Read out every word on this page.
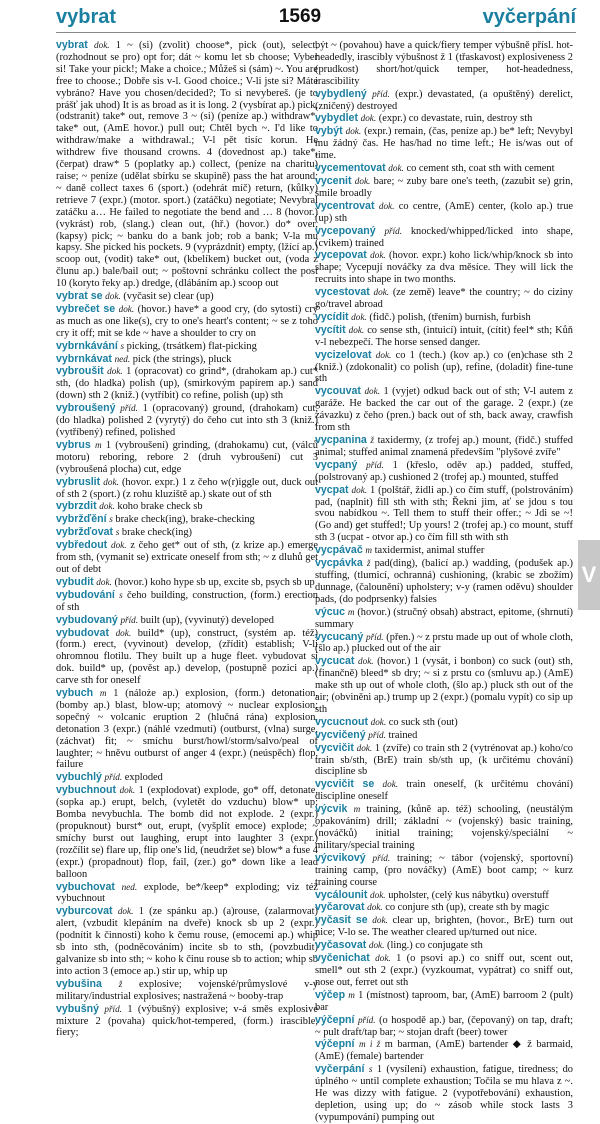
vybrat	1569	vyčerpání
vybrat dok. 1 ~ (si) (zvolit) choose*, pick (out), select, (rozhodnout se pro) opt for; dát ~ komu let sb choose; Vyber si! Take your pick!; Make a choice.; Můžeš si (sám) ~. You are free to choose.; Dobře sis v-l. Good choice.; V-li jste si? Máte vybráno? Have you chosen/decided?; To si nevybereš. (je to prášť jak uhod) It is as broad as it is long. 2 (vysbírat ap.) pick, (odstranit) take* out, remove 3 ~ (si) (peníze ap.) withdraw*, take* out, (AmE hovor.) pull out; Chtěl bych ~. I'd like to withdraw/make a withdrawal.; V-l pět tisíc korun. He withdrew five thousand crowns. 4 (dovednost ap.) take*, (čerpat) draw* 5 (poplatky ap.) collect, (peníze na charitu) raise; ~ peníze (udělat sbírku se skupině) pass the hat around; ~ daně collect taxes 6 (sport.) (odehrát míč) return, (kůlky) retrieve 7 (expr.) (motor. sport.) (zatáčku) negotiate; Nevybral zatáčku a… He failed to negotiate the bend and … 8 (hovor.) (vykrást) rob, (slang.) clean out, (hř.) (hovor.) do* over, (kapsy) pick; ~ banku do a bank job; rob a bank; V-la mu kapsy. She picked his pockets. 9 (vyprázdnit) empty, (lžící ap.) scoop out, (vodit) take* out, (kbelíkem) bucket out, (voda z člunu ap.) bale/bail out; ~ poštovní schránku collect the post 10 (koryto řeky ap.) dredge, (dlábáním ap.) scoop out
vybrat se dok. (vyčasit se) clear (up)
vybrečet se dok. (hovor.) have* a good cry, (do sytosti) cry as much as one like(s), cry to one's heart's content; ~ se z toho cry it off; mít se kde ~ have a shoulder to cry on
vybrnkávání s picking, (trsátkem) flat-picking
vybrnkávat ned. pick (the strings), pluck
vybroušit dok. 1 (opracovat) co grind*, (drahokam ap.) cut* sth, (do hladka) polish (up), (smirkovým papírem ap.) sand (down) sth 2 (kniž.) (vytříbit) co refine, polish (up) sth
vybroušený příd. 1 (opracovaný) ground, (drahokam) cut, (do hladka) polished 2 (vyrytý) do čeho cut into sth 3 (kniž.) (vytříbený) refined, polished
vybrus m 1 (vybroušení) grinding, (drahokamu) cut, (válců motoru) reboring, rebore 2 (druh vybroušení) cut 3 (vybroušená plocha) cut, edge
vybruslit dok. (hovor. expr.) 1 z čeho w(r)iggle out, duck out of sth 2 (sport.) (z rohu kluziště ap.) skate out of sth
vybrzdit dok. koho brake check sb
vybržďění s brake check(ing), brake-checking
vybržďovat s brake check(ing)
vybředout dok. z čeho get* out of sth, (z krize ap.) emerge from sth, (vymanit se) extricate oneself from sth; ~ z dluhů get out of debt
vybudit dok. (hovor.) koho hype sb up, excite sb, psych sb up
vybudování s čeho building, construction, (form.) erection of sth
vybudovaný příd. built (up), (vyvinutý) developed
vybudovat dok. build* (up), construct, (systém ap. též) (form.) erect, (vyvinout) develop, (zřídit) establish; V-li ohromnou flotilu. They built up a huge fleet. vybudovat si dok. build* up, (pověst ap.) develop, (postupně pozici ap.) carve sth for oneself
vybuch m 1 (náloże ap.) explosion, (form.) detonation, (bomby ap.) blast, blow-up; atomový ~ nuclear explosion; sopečný ~ volcanic eruption 2 (hlučná rána) explosion, detonation 3 (expr.) (náhlé vzedmutí) (outburst, (vlna) surge, (záchvat) fit; ~ smíchu burst/howl/storm/salvo/peal of laughter; ~ hněvu outburst of anger 4 (expr.) (neúspěch) flop, failure
vybuchlý příd. exploded
vybuchnout dok. 1 (explodovat) explode, go* off, detonate, (sopka ap.) erupt, belch, (vyletět do vzduchu) blow* up; Bomba nevybuchla. The bomb did not explode. 2 (expr.) (propuknout) burst* out, erupt, (vyšplít emoce) explode; ~ smíchy burst out laughing, erupt into laughter 3 (expr.) (rozčílit se) flare up, flip one's lid, (neudržet se) blow* a fuse 4 (expr.) (propadnout) flop, fail, (zer.) go* down like a lead balloon
vybuchovat ned. explode, be*/keep* exploding; viz též vybuchnout
vyburcovat dok. 1 (ze spánku ap.) (a)rouse, (zalarmovat) alert, (vzbudit klepáním na dveře) knock sb up 2 (expr.) (podnítit k činnosti) koho k čemu rouse, (emocemi ap.) whip sb into sth, (podněcováním) incite sb to sth, (povzbudit) galvanize sb into sth; ~ koho k činu rouse sb to action; whip sb into action 3 (emoce ap.) stir up, whip up
vybušina ž explosive; vojenské/průmyslové v-y military/industrial explosives; nastražená ~ booby-trap
vybušný příd. 1 (výbušný) explosive; v-á směs explosive mixture 2 (povaha) quick/hot-tempered, (form.) irascible, fiery;
být ~ (povahou) have a quick/fiery temper výbušně přísl. hot-headedly, irascibly výbušnost ž 1 (třaskavost) explosiveness 2 (prudkost) short/hot/quick temper, hot-headedness, irascibility
vybydlený příd. (expr.) devastated, (a opuštěný) derelict, (zničený) destroyed
vybydlet dok. (expr.) co devastate, ruin, destroy sth
vybýt dok. (expr.) remain, (čas, peníze ap.) be* left; Nevybyl mu žádný čas. He has/had no time left.; He is/was out of time.
vycementovat dok. co cement sth, coat sth with cement
vycenit dok. bare; ~ zuby bare one's teeth, (zazubit se) grin, smile broadly
vycentrovat dok. co centre, (AmE) center, (kolo ap.) true (up) sth
vycepovaný příd. knocked/whipped/licked into shape, (cvikem) trained
vycepovat dok. (hovor. expr.) koho lick/whip/knock sb into shape; Vycepují nováčky za dva měsíce. They will lick the recruits into shape in two months.
vycestovat dok. (ze země) leave* the country; ~ do ciziny go/travel abroad
vycídit dok. (fidč.) polish, (třením) burnish, furbish
vycítit dok. co sense sth, (intuicí) intuit, (cítit) feel* sth; Kůň v-l nebezpečí. The horse sensed danger.
vycizelovat dok. co 1 (tech.) (kov ap.) co (en)chase sth 2 (kniž.) (zdokonalit) co polish (up), refine, (doladit) fine-tune sth
vycouvat dok. 1 (vyjet) odkud back out of sth; V-l autem z garáže. He backed the car out of the garage. 2 (expr.) (ze závazku) z čeho (pren.) back out of sth, back away, crawfish from sth
vycpanina ž taxidermy, (z trofej ap.) mount, (řidč.) stuffed animal; stuffed animal znamená především "plyšové zvíře"
vycpaný příd. 1 (křeslo, oděv ap.) padded, stuffed, (polstrovaný ap.) cushioned 2 (trofej ap.) mounted, stuffed
vycpat dok. 1 (polštář, židli ap.) co čím stuff, (polstrováním) pad, (naplnit) fill sth with sth; Řekni jim, ať se jdou s tou svou nabídkou ~. Tell them to stuff their offer.; ~ Jdi se ~! (Go and) get stuffed!; Up yours! 2 (trofej ap.) co mount, stuff sth 3 (ucpat - otvor ap.) co čím fill sth with sth
vycpávač m taxidermist, animal stuffer
vycpávka ž pad(ding), (balicí ap.) wadding, (podušek ap.) stuffing, (tlumicí, ochranná) cushioning, (krabic se zbožím) dunnage, (čalounění) upholstery; v-y (ramen oděvu) shoulder pads, (do podprsenky) falsies
výcuc m (hovor.) (stručný obsah) abstract, epitome, (shrnutí) summary
vycucaný příd. (přen.) ~ z prstu made up out of whole cloth, (ŝlo ap.) plucked out of the air
vycucat dok. (hovor.) 1 (vysát, i bonbon) co suck (out) sth, (finančně) bleed* sb dry; ~ si z prstu co (smluvu ap.) (AmE) make sth up out of whole cloth, (ŝlo ap.) pluck sth out of the air; (obviněni ap.) trump up 2 (expr.) (pomalu vypít) co sip up sth
vycucnout dok. co suck sth (out)
vycvičený příd. trained
vycvičit dok. 1 (zvíře) co train sth 2 (vytrénovat ap.) koho/co train sb/sth, (BrE) train sb/sth up, (k určitému chování) discipline sb
vycvičit se dok. train oneself, (k určitému chování) discipline oneself
výcvik m training, (kůně ap. též) schooling, (neustálým opakováním) drill; základní ~ (vojenský) basic training, (nováčků) initial training; vojenský/speciální ~ military/special training
výcvikový příd. training; ~ tábor (vojenský, sportovní) training camp, (pro nováčky) (AmE) boot camp; ~ kurz training course
vycálounit dok. upholster, (celý kus nábytku) overstuff
vyčarovat dok. co conjure sth (up), create sth by magic
vyčasit se dok. clear up, brighten, (hovor., BrE) turn out nice; V-lo se. The weather cleared up/turned out nice.
vyčasovat dok. (ling.) co conjugate sth
vyčenichat dok. 1 (o psovi ap.) co sniff out, scent out, smell* out sth 2 (expr.) (vyzkoumat, vypátrat) co sniff out, nose out, ferret out sth
výčep m 1 (místnost) taproom, bar, (AmE) barroom 2 (pult) bar
výčepní příd. (o hospodě ap.) bar, (čepovaný) on tap, draft; ~ pult draft/tap bar; ~ stojan draft (beer) tower
výčepní m i ž m barman, (AmE) bartender ◆ ž barmaid, (AmE) (female) bartender
vyčerpání s 1 (vysílení) exhaustion, fatigue, tiredness; do úplného ~ until complete exhaustion; Točila se mu hlava z ~. He was dizzy with fatigue. 2 (vypotřebování) exhaustion, depletion, using up; do ~ zásob while stock lasts 3 (vypumpování) pumping out
V
